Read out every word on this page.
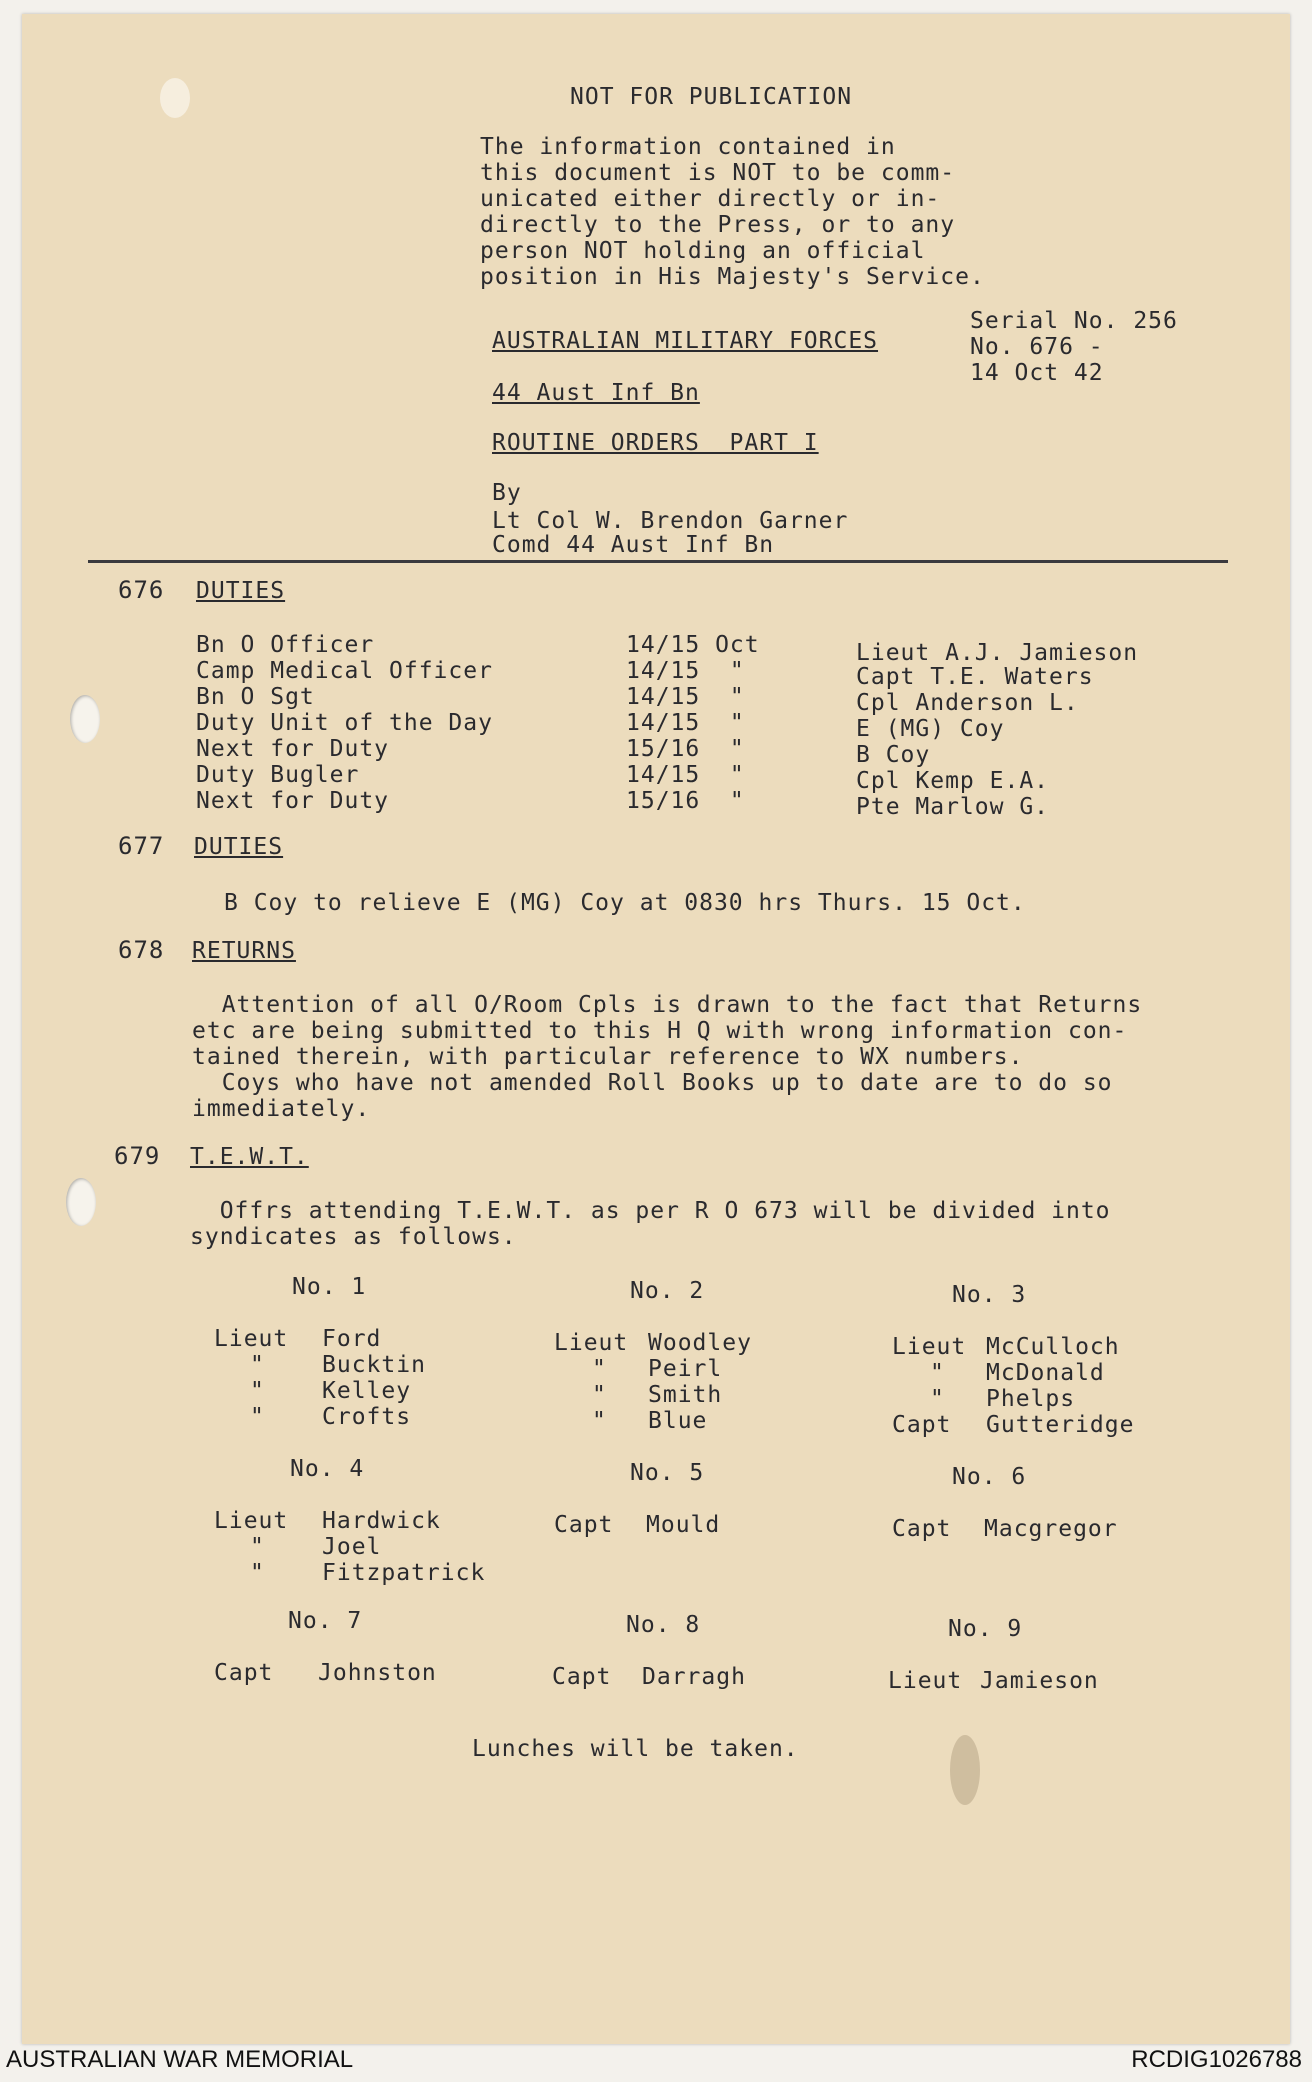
NOT FOR PUBLICATION
The information contained in
this document is NOT to be comm-
unicated either directly or in-
directly to the Press, or to any
person NOT holding an official
position in His Majesty's Service.
AUSTRALIAN MILITARY FORCES
44 Aust Inf Bn
ROUTINE ORDERS  PART I
By
Lt Col W. Brendon Garner
Comd 44 Aust Inf Bn
Serial No. 256
No. 676 -
14 Oct 42
676 DUTIES
Bn O Officer	14/15 Oct	Lieut A.J. Jamieson
Camp Medical Officer	14/15  "	Capt T.E. Waters
Bn O Sgt	14/15  "	Cpl Anderson L.
Duty Unit of the Day	14/15  "	E (MG) Coy
Next for Duty	15/16  "	B Coy
Duty Bugler	14/15  "	Cpl Kemp E.A.
Next for Duty	15/16  "	Pte Marlow G.
677 DUTIES
B Coy to relieve E (MG) Coy at 0830 hrs Thurs. 15 Oct.
678 RETURNS
Attention of all O/Room Cpls is drawn to the fact that Returns
etc are being submitted to this H Q with wrong information con-
tained therein, with particular reference to WX numbers.
Coys who have not amended Roll Books up to date are to do so
immediately.
679 T.E.W.T.
Offrs attending T.E.W.T. as per R O 673 will be divided into
syndicates as follows.
No. 1
Lieut Ford
" Bucktin
" Kelley
" Crofts
No. 2
Lieut Woodley
" Peirl
" Smith
" Blue
No. 3
Lieut McCulloch
" McDonald
" Phelps
Capt Gutteridge
No. 4
Lieut Hardwick
" Joel
" Fitzpatrick
No. 5
Capt Mould
No. 6
Capt Macgregor
No. 7
Capt Johnston
No. 8
Capt Darragh
No. 9
Lieut Jamieson
Lunches will be taken.
AUSTRALIAN WAR MEMORIAL	RCDIG1026788
